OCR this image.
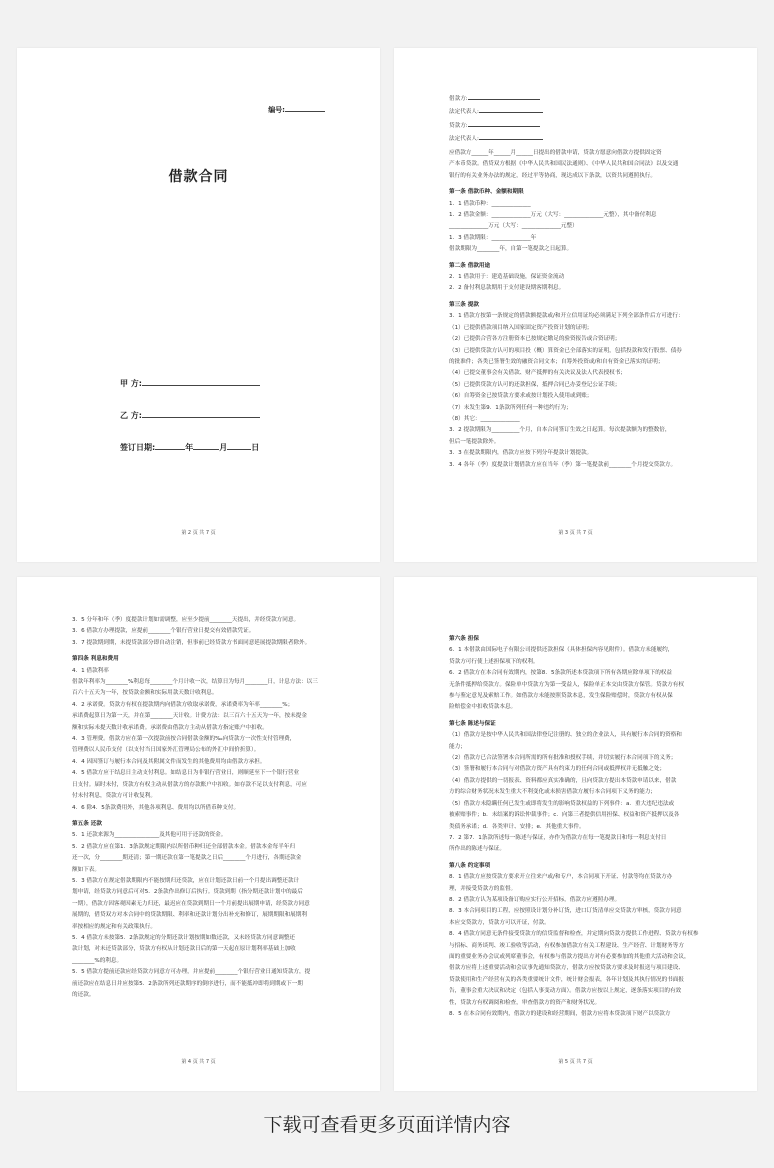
编号:
借款合同
甲 方:
乙 方:
签订日期:	年	月	日
第 2 页 共 7 页
借款方:
法定代表人:
贷款方:
法定代表人:
应借款方______年______月______日提出的借款申请，贷款方愿意向借款方提供固定资
产本币贷款。借贷双方根据《中华人民共和国民法通则》、《中华人民共和国合同法》以及交通
银行的有关业务办法的规定，经过平等协商，现达成以下条款，以资共同遵照执行。
第一条 借款币种、金额和期限
1．1 借款币种：______________
1．2 借款金额：______________万元（大写：______________元整），其中备付利息
______________万元（大写：______________元整）
1．3 借款期限：______________年
借款期限为________年，自第一笔提款之日起算。
第二条 借款用途
2．1 借款用于：建造基础设施，保证资金流动
2．2 备付利息款期用于支付建设期客期利息。
第三条 提款
3．1 借款方按第一条规定的借款额提款或/和开立信用证均必须满足下列全部条件后方可进行：
（1）已提供借款项目纳入国家固定资产投资计划的证明；
（2）已提供合营各方注册资本已按规定缴足的验资报告或合资证明；
（3）已提供贷款方认可的项目投（概）算资金已全部落实的证明，包括投款和发行股票、债券
的批准件；各类已签署生效的融资合同文本；自筹外投资或/和自有资金已落实的证明；
（4）已提交董事会有关借款、财产抵押的有关决议及法人代表授权书；
（5）已提供贷款方认可的还款担保，抵押合同已办妥登记公证手续；
（6）自筹资金已按贷款方要求或按计划投入使用或到账；
（7）未发生第9．1条款所列任何一种违约行为；
（8）其它：______________
3．2 提款期限为__________个月，自本合同签订生效之日起算。每次提款额为的整数倍，
但后一笔提款除外。
3．3 在提款期限内，借款方应按下列分年提款计划提款。
3．4 各年（季）度提款计划借款方应在当年（季）第一笔提款前________个月提交贷款方。
第 3 页 共 7 页
3．5 分年和年（季）度提款计划如需调整，应至少提前________天提出，并经贷款方同意。
3．6 借款方办理提款，应提前________个银行营业日提交有效借款凭证。
3．7 提款期到期，未提贷款部分即自动注销，但事前已经贷款方书面同意延展提款期限者除外。
第四条 利息和费用
4．1 借款利率
借款年利率为________%利息每________个月计收一次，结算日为每月________日，计息方法：以三
百六十五天为一年，按贷款金额和实际用款天数计收利息。
4．2 承诺费。贷款方有权在提款期内向借款方收取承诺费，承诺费率为年率________%；
承诺费起算日为第一天，并在第________天计收。计费方法：以三百六十五天为一年，按未提金
额和实际未提天数计收承诺费。承诺费由借款方主动从借款方指定账户中扣收。
4．3 管理费。借款方应在第一次提款前按合同借款金额的‰向贷款方一次性支付管理费，
管理费以人民币支付（以支付当日国家外汇管理局公布的外汇中间价折算）。
4．4 因因签订与履行本合同及其附属文件而发生的其他费用均由借款方承担。
4．5 借款方应于结息日主动支付利息。如结息日为非银行营业日，则顺延至下一个银行营业
日支付。届时未付，贷款方有权主动从借款方的存款账户中扣收。如存款不足以支付利息，可应
付未付利息，贷款方可计收复利。
4．6 除4．5条款费用外，其他各项利息、费用均以所借币种支付。
第五条 还款
5．1 还款来源为________________及其他可用于还款的资金。
5．2 借款方应在第1．3条款规定期限内以所借币种归还全部借款本金。借款本金每半年归
还一次，分________期还清；第一期还款在第一笔提款之日后________个月进行，各期还款金
额如下表。
5．3 借款方在规定借款期限内不能按期归还贷款，应在计划还款日前一个月提出调整还款计
划申请，经贷款方同意后可对5．2条款作出修订后执行。贷款到期（指分期还款计划中的最后
一期），借款方因客观因素无力归还，最迟应在贷款到期日一个月前提出展期申请，经贷款方同意
展期的，借贷双方对本合同中的贷款期限、利率和还款计划分出补充和修订，展期期限和展期利
率按相应的规定和有关政策执行。
5．4 借款方未按第5．2条款规定的分期还款计划按期如数还款，又未经贷款方同意调整还
款计划，对未还贷款部分，贷款方有权从计划还款日后的第一天起在原计划利率基础上加收
________%的利息。
5．5 借款方提前还款应经贷款方同意方可办理，并应提前________个银行营业日通知贷款方，提
前还款应在结息日并应按第5．2条款所列还款期序的倒序进行，而不能抵冲即将到期或下一期
的还款。
第 4 页 共 7 页
第六条 担保
6．1 本借款由国际电子有限公司提供还款担保（具体担保内容见附件）。借款方未能履约，
贷款方可行使上述担保项下的权利。
6．2 借款方在本合同有效期内，按第8．5条款所述本贷款项下所有各期应除单项下的权益
无条件抵押给贷款方。保险单中贷款方为第一受益人，保险单正本交由贷款方保管。贷款方有权
参与鉴定意见及索赔工作。如借款方未能按照贷款本息，发生保险赔偿时，贷款方有权从保
险赔偿金中扣收贷款本息。
第七条 陈述与保证
（1）借款方是按中华人民共和国法律登记注册的、独立的企业法人，具有履行本合同的资格和
能力；
（2）借款方已合法签署本合同所需的所有批准和授权手续，并切实履行本合同项下的义务；
（3）签署和履行本合同与对借款方资产具有约束力的任何合同或抵押权并无抵触之处；
（4）借款方提供的一切报表、资料都应真实准确的，且向贷款方提出本贷款申请以来，借款
方的综合财务状况未发生重大不利变化或未损害借款方履行本合同项下义务的能力；
（5）借款方未隐瞒任何已发生或即将发生的影响贷款权益的下列事件：a．重大违纪违法或
被索赔事件；b．未结案的诉讼仲裁事件；c．向第三者提供信用担保、权益和资产抵押以及各
类债务承诺；d．各类审计、安排；e．其他重大事件。
7．2 第7．1条款所述每一陈述与保证，亦作为借款方在每一笔提款日和每一利息支付日
所作出的陈述与保证。
第八条 约定事项
8．1 借款方应按贷款方要求开立往来户或/和专户，本合同项下开证、付款等均在贷款方办
理，并接受贷款方的监督。
8．2 借款方认为某项设备订购应实行公开招标，借款方应遵照办理。
8．3 本合同项目的工程，应按照设计划分补订货，进口订货清单应交贷款方审核，贷款方同意
本应交贷款方，贷款方可以开证，付款。
8．4 借款方同意无条件接受贷款方的信贷监督和检查，并定期向贷款方提供工作进程、贷款方有权参
与招标、商务谈判、竣工验收等活动，有权参加借款方有关工程建设、生产经营、计划财务等方
面的重要业务办会议或列席董事会，有权参与借款方提出方对有必要参加的其他重大活动和会议，
借款方应将上述重要活动和会议事先通知贷款方，借款方应按贷款方要求及时报送与项目建设、
贷款使用和生产经营有关的各类重要统计文件，统计财会报表，各年计划及其执行情况的书面报
告，董事会重大决议和决定（包括人事变动方面）。借款方应按以上规定，逐条落实项目的有效
性，贷款方有权调阅和检查，审查借款方的资产和财务状况。
8．5 在本合同有效期内，借款方的建设和经营期间，借款方应将本贷款项下财产以贷款方
第 5 页 共 7 页
下载可查看更多页面详情内容
